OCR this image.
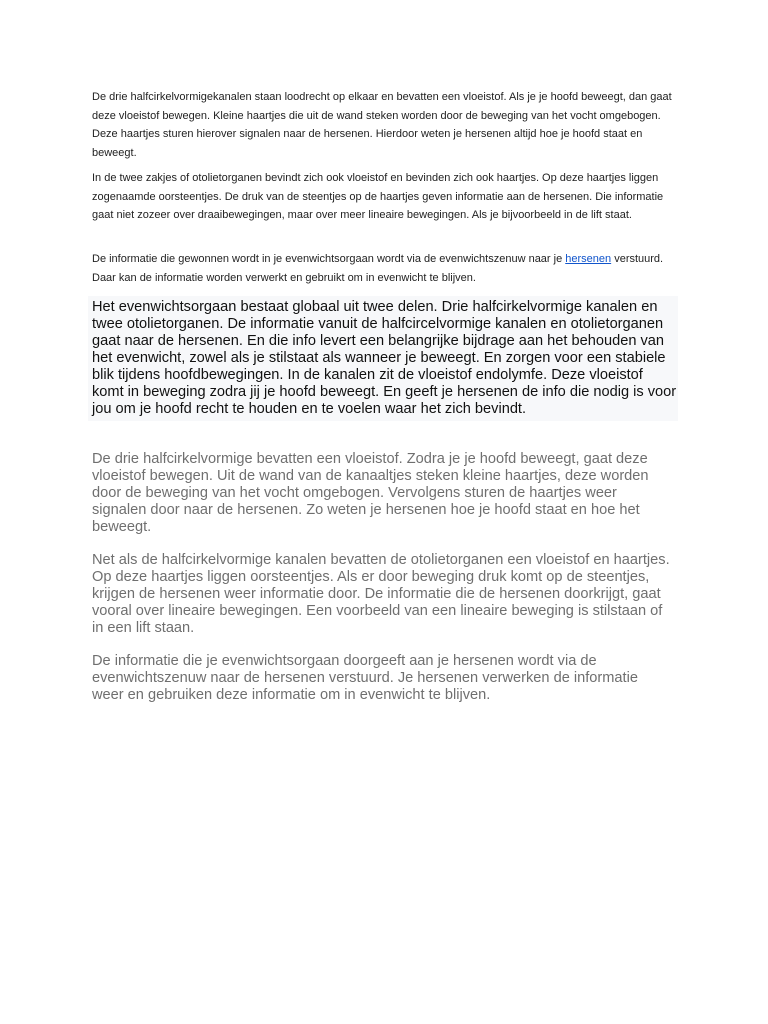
De drie halfcirkelvormigekanalen staan loodrecht op elkaar en bevatten een vloeistof. Als je je hoofd beweegt, dan gaat deze vloeistof bewegen. Kleine haartjes die uit de wand steken worden door de beweging van het vocht omgebogen. Deze haartjes sturen hierover signalen naar de hersenen. Hierdoor weten je hersenen altijd hoe je hoofd staat en beweegt.

In de twee zakjes of otolietorganen bevindt zich ook vloeistof en bevinden zich ook haartjes. Op deze haartjes liggen zogenaamde oorsteentjes. De druk van de steentjes op de haartjes geven informatie aan de hersenen. Die informatie gaat niet zozeer over draaibewegingen, maar over meer lineaire bewegingen. Als je bijvoorbeeld in de lift staat.

De informatie die gewonnen wordt in je evenwichtsorgaan wordt via de evenwichtszenuw naar je hersenen verstuurd. Daar kan de informatie worden verwerkt en gebruikt om in evenwicht te blijven.

Het evenwichtsorgaan bestaat globaal uit twee delen. Drie halfcirkelvormige kanalen en twee otolietorganen. De informatie vanuit de halfcircelvormige kanalen en otolietorganen gaat naar de hersenen. En die info levert een belangrijke bijdrage aan het behouden van het evenwicht, zowel als je stilstaat als wanneer je beweegt. En zorgen voor een stabiele blik tijdens hoofdbewegingen. In de kanalen zit de vloeistof endolymfe. Deze vloeistof komt in beweging zodra jij je hoofd beweegt. En geeft je hersenen de info die nodig is voor jou om je hoofd recht te houden en te voelen waar het zich bevindt.

De drie halfcirkelvormige bevatten een vloeistof. Zodra je je hoofd beweegt, gaat deze vloeistof bewegen. Uit de wand van de kanaaltjes steken kleine haartjes, deze worden door de beweging van het vocht omgebogen. Vervolgens sturen de haartjes weer signalen door naar de hersenen. Zo weten je hersenen hoe je hoofd staat en hoe het beweegt.

Net als de halfcirkelvormige kanalen bevatten de otolietorganen een vloeistof en haartjes. Op deze haartjes liggen oorsteentjes. Als er door beweging druk komt op de steentjes, krijgen de hersenen weer informatie door. De informatie die de hersenen doorkrijgt, gaat vooral over lineaire bewegingen. Een voorbeeld van een lineaire beweging is stilstaan of in een lift staan.

De informatie die je evenwichtsorgaan doorgeeft aan je hersenen wordt via de evenwichtszenuw naar de hersenen verstuurd. Je hersenen verwerken de informatie weer en gebruiken deze informatie om in evenwicht te blijven.
